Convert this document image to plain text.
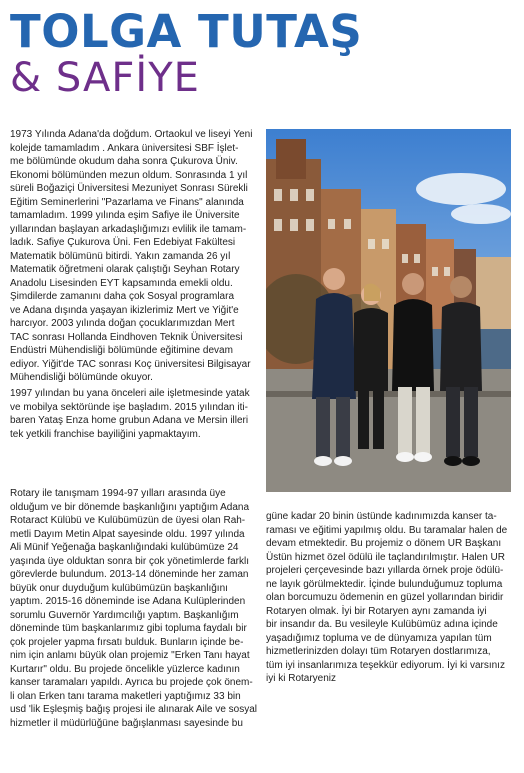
TOLGA TUTAŞ
& SAFİYE

1973 Yılında Adana'da doğdum. Ortaokul ve liseyi Yeni
kolejde tamamladım . Ankara üniversitesi SBF İşlet-
me bölümünde okudum daha sonra Çukurova Üniv.
Ekonomi bölümünden mezun oldum. Sonrasında 1 yıl
süreli Boğaziçi Üniversitesi Mezuniyet Sonrası Sürekli
Eğitim Seminerlerini "Pazarlama ve Finans" alanında
tamamladım. 1999 yılında eşim Safiye ile Üniversite
yıllarından başlayan arkadaşlığımızı evlilik ile tamam-
ladık. Safiye Çukurova Üni. Fen Edebiyat Fakültesi
Matematik bölümünü bitirdi. Yakın zamanda 26 yıl
Matematik öğretmeni olarak çalıştığı Seyhan Rotary
Anadolu Lisesinden EYT kapsamında emekli oldu.
Şimdilerde zamanını daha çok Sosyal programlara
ve Adana dışında yaşayan ikizlerimiz Mert ve Yiğit'e
harcıyor. 2003 yılında doğan çocuklarımızdan Mert
TAC sonrası Hollanda Eindhoven Teknik Üniversitesi
Endüstri Mühendisliği bölümünde eğitimine devam
ediyor. Yiğit'de TAC sonrası Koç üniversitesi Bilgisayar
Mühendisliği bölümünde okuyor.

1997 yılından bu yana önceleri aile işletmesinde yatak
ve mobilya sektöründe işe başladım. 2015 yılından iti-
baren Yataş Enza home grubun Adana ve Mersin illeri
tek yetkili franchise bayiliğini yapmaktayım.

Rotary ile tanışmam 1994-97 yılları arasında üye
olduğum ve bir dönemde başkanlığını yaptığım Adana
Rotaract Külübü ve Kulübümüzün de üyesi olan Rah-
metli Dayım Metin Alpat sayesinde oldu. 1997 yılında
Ali Münif Yeğenağa başkanlığındaki kulübümüze 24
yaşında üye olduktan sonra bir çok yönetimlerde farklı
görevlerde bulundum. 2013-14 döneminde her zaman
büyük onur duyduğum kulübümüzün başkanlığını
yaptım. 2015-16 döneminde ise Adana Kulüplerinden
sorumlu Guvernör Yardımcılığı yaptım. Başkanlığım
döneminde tüm başkanlarımız gibi topluma faydalı bir
çok projeler yapma fırsatı bulduk. Bunların içinde be-
nim için anlamı büyük olan projemiz "Erken Tanı hayat
Kurtarır" oldu. Bu projede öncelikle yüzlerce kadının
kanser taramaları yapıldı. Ayrıca bu projede çok önem-
li olan Erken tanı tarama maketleri yaptığımız 33 bin
usd 'lik Eşleşmiş bağış projesi ile alınarak Aile ve sosyal
hizmetler il müdürlüğüne bağışlanması sayesinde bu

güne kadar 20 binin üstünde kadınımızda kanser ta-
raması ve eğitimi yapılmış oldu. Bu taramalar halen de
devam etmektedir. Bu projemiz o dönem UR Başkanı
Üstün hizmet özel ödülü ile taçlandırılmıştır. Halen UR
projeleri çerçevesinde bazı yıllarda örnek proje ödülü-
ne layık görülmektedir. İçinde bulunduğumuz topluma
olan borcumuzu ödemenin en güzel yollarından biridir
Rotaryen olmak. İyi bir Rotaryen aynı zamanda iyi
bir insandır da. Bu vesileyle Kulübümüz adına içinde
yaşadığımız topluma ve de dünyamıza yapılan tüm
hizmetlerinizden dolayı tüm Rotaryen dostlarımıza,
tüm iyi insanlarımıza teşekkür ediyorum. İyi ki varsınız
iyi ki Rotaryeniz
